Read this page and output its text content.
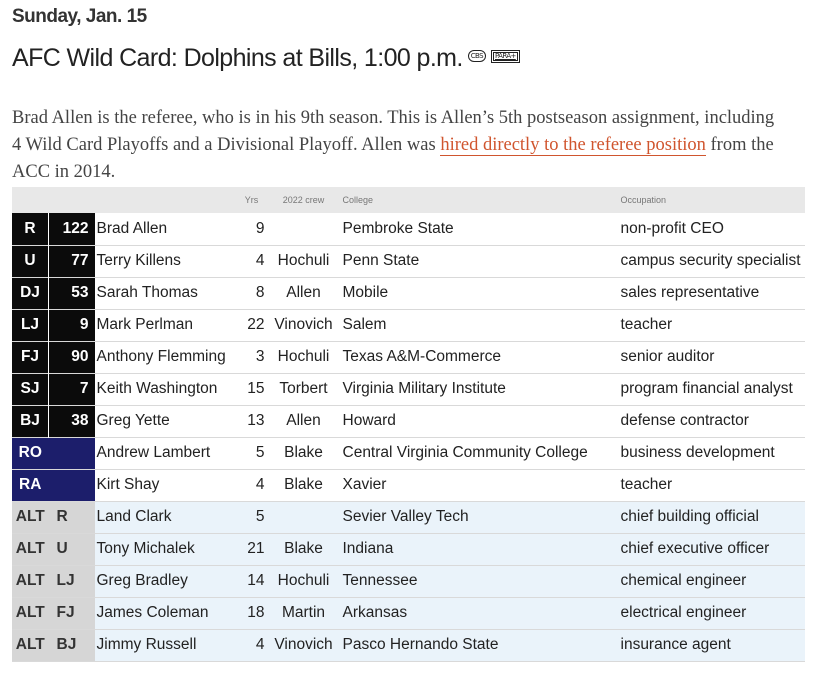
Sunday, Jan. 15
AFC Wild Card: Dolphins at Bills, 1:00 p.m. CBS PARA+

Brad Allen is the referee, who is in his 9th season. This is Allen’s 5th postseason assignment, including 4 Wild Card Playoffs and a Divisional Playoff. Allen was hired directly to the referee position from the ACC in 2014.

			Yrs	2022 crew	College	Occupation
R	122	Brad Allen	9		Pembroke State	non-profit CEO
U	77	Terry Killens	4	Hochuli	Penn State	campus security specialist
DJ	53	Sarah Thomas	8	Allen	Mobile	sales representative
LJ	9	Mark Perlman	22	Vinovich	Salem	teacher
FJ	90	Anthony Flemming	3	Hochuli	Texas A&M-Commerce	senior auditor
SJ	7	Keith Washington	15	Torbert	Virginia Military Institute	program financial analyst
BJ	38	Greg Yette	13	Allen	Howard	defense contractor
RO		Andrew Lambert	5	Blake	Central Virginia Community College	business development
RA		Kirt Shay	4	Blake	Xavier	teacher
ALT	R	Land Clark	5		Sevier Valley Tech	chief building official
ALT	U	Tony Michalek	21	Blake	Indiana	chief executive officer
ALT	LJ	Greg Bradley	14	Hochuli	Tennessee	chemical engineer
ALT	FJ	James Coleman	18	Martin	Arkansas	electrical engineer
ALT	BJ	Jimmy Russell	4	Vinovich	Pasco Hernando State	insurance agent
